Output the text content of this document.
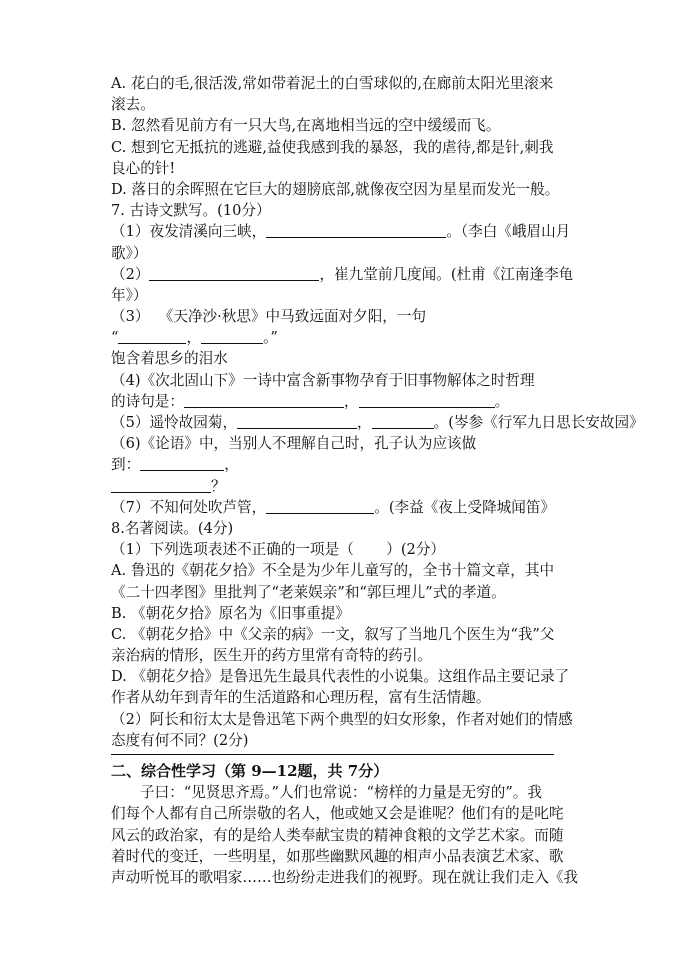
A. 花白的毛,很活泼,常如带着泥土的白雪球似的,在廊前太阳光里滚来
滚去。
B. 忽然看见前方有一只大鸟,在离地相当远的空中缓缓而飞。
C. 想到它无抵抗的逃避,益使我感到我的暴怒，我的虐待,都是针,刺我
良心的针!
D. 落日的余晖照在它巨大的翅膀底部,就像夜空因为星星而发光一般。
7. 古诗文默写。(10分）
（1）夜发清溪向三峡，	。（李白《峨眉山月
歌》）
（2）	，崔九堂前几度闻。(杜甫《江南逢李龟
年》）
（3）  《天净沙·秋思》中马致远面对夕阳，一句
“	，	。”
饱含着思乡的泪水
（4)《次北固山下》一诗中富含新事物孕育于旧事物解体之时哲理
的诗句是：	，	。
（5）遥怜故园菊，	，	。(岑参《行军九日思长安故园》
（6)《论语》中，当别人不理解自己时，孔子认为应该做
到：	，
？
（7）不知何处吹芦管，	。(李益《夜上受降城闻笛》
8.名著阅读。(4分)
（1）下列选项表述不正确的一项是（       ）(2分）
A. 鲁迅的《朝花夕拾》不全是为少年儿童写的，全书十篇文章，其中
《二十四孝图》里批判了“老莱娱亲”和“郭巨埋儿”式的孝道。
B. 《朝花夕拾》原名为《旧事重提》
C. 《朝花夕拾》中《父亲的病》一文，叙写了当地几个医生为“我”父
亲治病的情形，医生开的药方里常有奇特的药引。
D. 《朝花夕拾》是鲁迅先生最具代表性的小说集。这组作品主要记录了
作者从幼年到青年的生活道路和心理历程，富有生活情趣。
（2）阿长和衍太太是鲁迅笔下两个典型的妇女形象，作者对她们的情感
态度有何不同？(2分)
二、综合性学习（第 9—12题，共 7分）
子曰：“见贤思齐焉。”人们也常说：“榜样的力量是无穷的”。我
们每个人都有自己所崇敬的名人，他或她又会是谁呢？他们有的是叱咤
风云的政治家，有的是给人类奉献宝贵的精神食粮的文学艺术家。而随
着时代的变迁，一些明星，如那些幽默风趣的相声小品表演艺术家、歌
声动听悦耳的歌唱家……也纷纷走进我们的视野。现在就让我们走入《我
